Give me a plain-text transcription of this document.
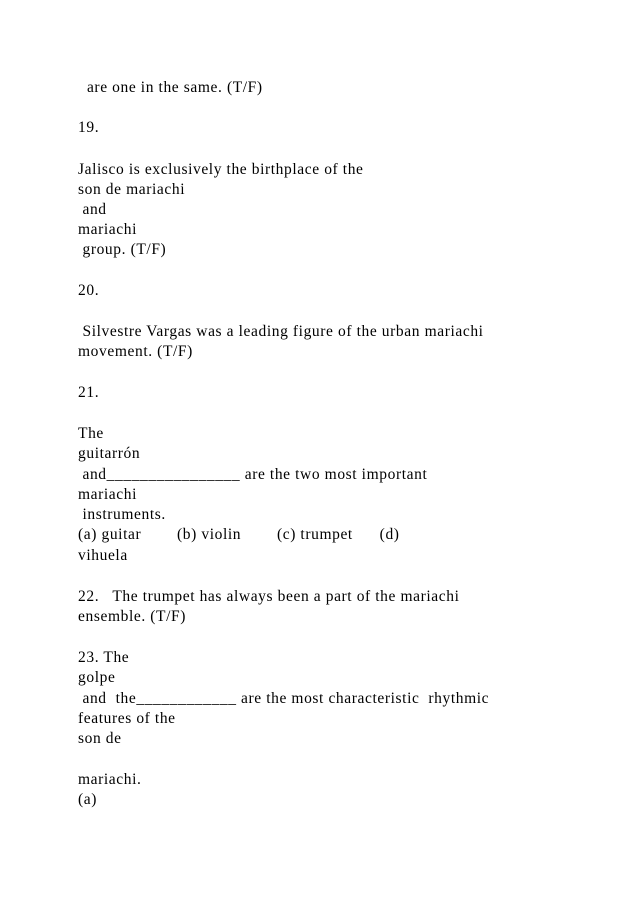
are one in the same. (T/F)
19.
Jalisco is exclusively the birthplace of the
son de mariachi
and
mariachi
group. (T/F)
20.
Silvestre Vargas was a leading figure of the urban mariachi
movement. (T/F)
21.
The
guitarrón
and________________ are the two most important
mariachi
instruments.
(a) guitar        (b) violin        (c) trumpet      (d)
vihuela
22.   The trumpet has always been a part of the mariachi
ensemble. (T/F)
23. The
golpe
and  the____________ are the most characteristic  rhythmic
features of the
son de
mariachi.
(a)
